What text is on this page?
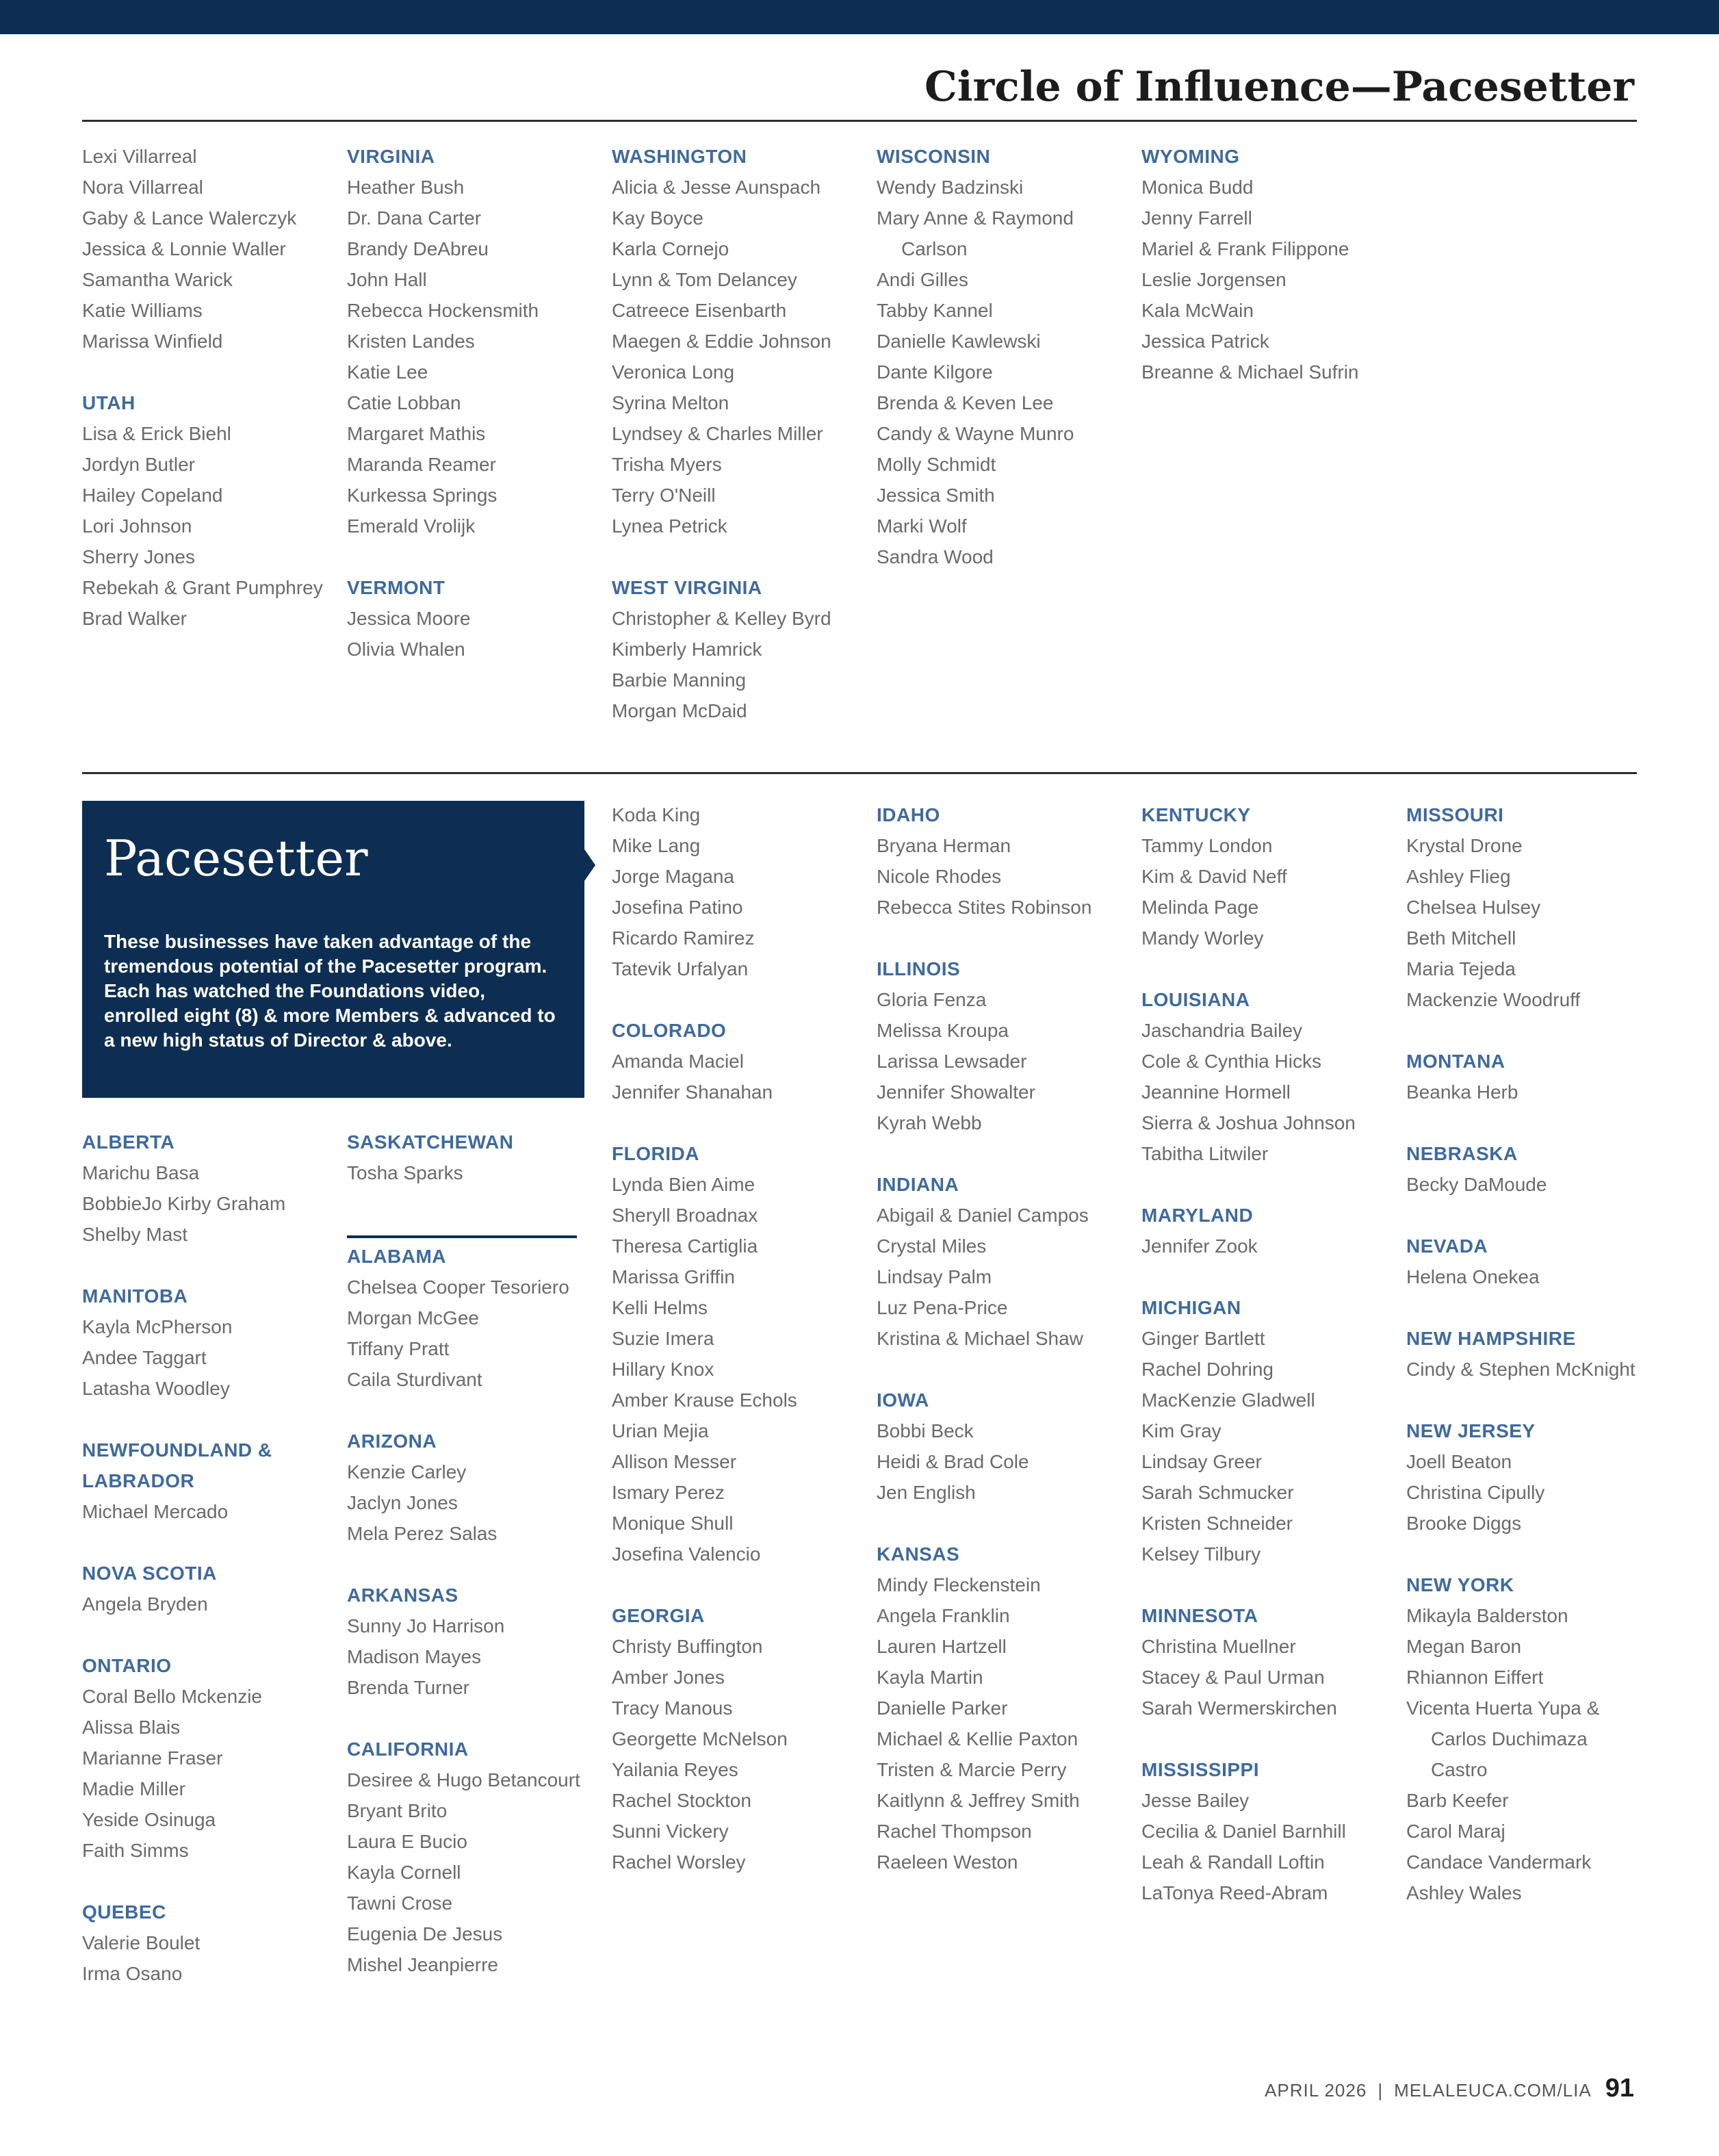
Circle of Influence—Pacesetter
Lexi Villarreal
Nora Villarreal
Gaby & Lance Walerczyk
Jessica & Lonnie Waller
Samantha Warick
Katie Williams
Marissa Winfield
UTAH
Lisa & Erick Biehl
Jordyn Butler
Hailey Copeland
Lori Johnson
Sherry Jones
Rebekah & Grant Pumphrey
Brad Walker
VIRGINIA
Heather Bush
Dr. Dana Carter
Brandy DeAbreu
John Hall
Rebecca Hockensmith
Kristen Landes
Katie Lee
Catie Lobban
Margaret Mathis
Maranda Reamer
Kurkessa Springs
Emerald Vrolijk
VERMONT
Jessica Moore
Olivia Whalen
WASHINGTON
Alicia & Jesse Aunspach
Kay Boyce
Karla Cornejo
Lynn & Tom Delancey
Catreece Eisenbarth
Maegen & Eddie Johnson
Veronica Long
Syrina Melton
Lyndsey & Charles Miller
Trisha Myers
Terry O'Neill
Lynea Petrick
WEST VIRGINIA
Christopher & Kelley Byrd
Kimberly Hamrick
Barbie Manning
Morgan McDaid
WISCONSIN
Wendy Badzinski
Mary Anne & Raymond Carlson
Andi Gilles
Tabby Kannel
Danielle Kawlewski
Dante Kilgore
Brenda & Keven Lee
Candy & Wayne Munro
Molly Schmidt
Jessica Smith
Marki Wolf
Sandra Wood
WYOMING
Monica Budd
Jenny Farrell
Mariel & Frank Filippone
Leslie Jorgensen
Kala McWain
Jessica Patrick
Breanne & Michael Sufrin
Pacesetter
These businesses have taken advantage of the tremendous potential of the Pacesetter program. Each has watched the Foundations video, enrolled eight (8) & more Members & advanced to a new high status of Director & above.
ALBERTA
Marichu Basa
BobbieJo Kirby Graham
Shelby Mast
MANITOBA
Kayla McPherson
Andee Taggart
Latasha Woodley
NEWFOUNDLAND & LABRADOR
Michael Mercado
NOVA SCOTIA
Angela Bryden
ONTARIO
Coral Bello Mckenzie
Alissa Blais
Marianne Fraser
Madie Miller
Yeside Osinuga
Faith Simms
QUEBEC
Valerie Boulet
Irma Osano
SASKATCHEWAN
Tosha Sparks
ALABAMA
Chelsea Cooper Tesoriero
Morgan McGee
Tiffany Pratt
Caila Sturdivant
ARIZONA
Kenzie Carley
Jaclyn Jones
Mela Perez Salas
ARKANSAS
Sunny Jo Harrison
Madison Mayes
Brenda Turner
CALIFORNIA
Desiree & Hugo Betancourt
Bryant Brito
Laura E Bucio
Kayla Cornell
Tawni Crose
Eugenia De Jesus
Mishel Jeanpierre
Koda King
Mike Lang
Jorge Magana
Josefina Patino
Ricardo Ramirez
Tatevik Urfalyan
COLORADO
Amanda Maciel
Jennifer Shanahan
FLORIDA
Lynda Bien Aime
Sheryll Broadnax
Theresa Cartiglia
Marissa Griffin
Kelli Helms
Suzie Imera
Hillary Knox
Amber Krause Echols
Urian Mejia
Allison Messer
Ismary Perez
Monique Shull
Josefina Valencio
GEORGIA
Christy Buffington
Amber Jones
Tracy Manous
Georgette McNelson
Yailania Reyes
Rachel Stockton
Sunni Vickery
Rachel Worsley
IDAHO
Bryana Herman
Nicole Rhodes
Rebecca Stites Robinson
ILLINOIS
Gloria Fenza
Melissa Kroupa
Larissa Lewsader
Jennifer Showalter
Kyrah Webb
INDIANA
Abigail & Daniel Campos
Crystal Miles
Lindsay Palm
Luz Pena-Price
Kristina & Michael Shaw
IOWA
Bobbi Beck
Heidi & Brad Cole
Jen English
KANSAS
Mindy Fleckenstein
Angela Franklin
Lauren Hartzell
Kayla Martin
Danielle Parker
Michael & Kellie Paxton
Tristen & Marcie Perry
Kaitlynn & Jeffrey Smith
Rachel Thompson
Raeleen Weston
KENTUCKY
Tammy London
Kim & David Neff
Melinda Page
Mandy Worley
LOUISIANA
Jaschandria Bailey
Cole & Cynthia Hicks
Jeannine Hormell
Sierra & Joshua Johnson
Tabitha Litwiler
MARYLAND
Jennifer Zook
MICHIGAN
Ginger Bartlett
Rachel Dohring
MacKenzie Gladwell
Kim Gray
Lindsay Greer
Sarah Schmucker
Kristen Schneider
Kelsey Tilbury
MINNESOTA
Christina Muellner
Stacey & Paul Urman
Sarah Wermerskirchen
MISSISSIPPI
Jesse Bailey
Cecilia & Daniel Barnhill
Leah & Randall Loftin
LaTonya Reed-Abram
MISSOURI
Krystal Drone
Ashley Flieg
Chelsea Hulsey
Beth Mitchell
Maria Tejeda
Mackenzie Woodruff
MONTANA
Beanka Herb
NEBRASKA
Becky DaMoude
NEVADA
Helena Onekea
NEW HAMPSHIRE
Cindy & Stephen McKnight
NEW JERSEY
Joell Beaton
Christina Cipully
Brooke Diggs
NEW YORK
Mikayla Balderston
Megan Baron
Rhiannon Eiffert
Vicenta Huerta Yupa & Carlos Duchimaza Castro
Barb Keefer
Carol Maraj
Candace Vandermark
Ashley Wales
APRIL 2026 | MELALEUCA.COM/LIA 91
